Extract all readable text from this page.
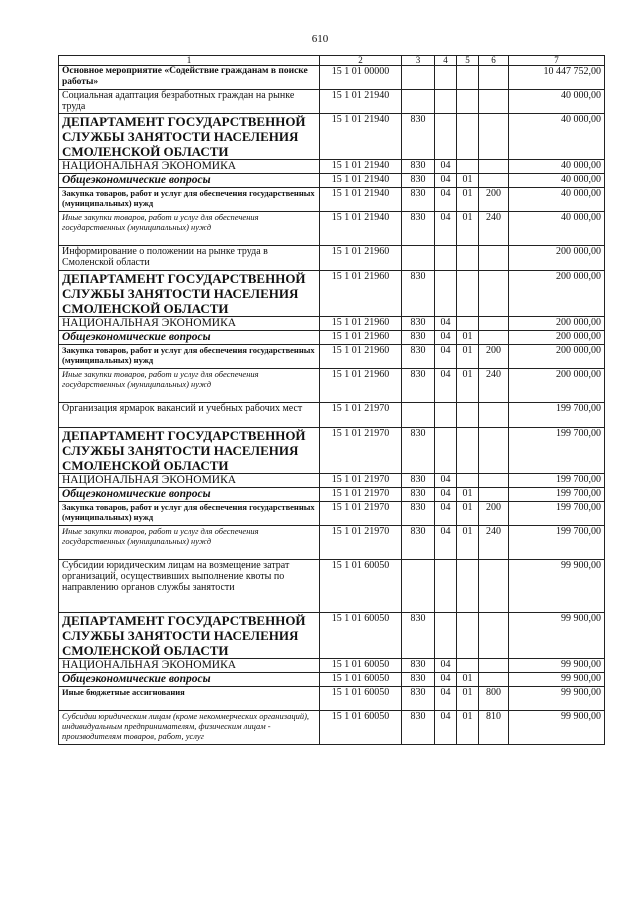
610
1	2	3	4	5	6	7
Основное мероприятие «Содействие гражданам в поиске работы»	15 1 01 00000					10 447 752,00
Социальная адаптация безработных граждан на рынке труда	15 1 01 21940					40 000,00
ДЕПАРТАМЕНТ ГОСУДАРСТВЕННОЙ СЛУЖБЫ ЗАНЯТОСТИ НАСЕЛЕНИЯ СМОЛЕНСКОЙ ОБЛАСТИ	15 1 01 21940	830				40 000,00
НАЦИОНАЛЬНАЯ ЭКОНОМИКА	15 1 01 21940	830	04			40 000,00
Общеэкономические вопросы	15 1 01 21940	830	04	01		40 000,00
Закупка товаров, работ и услуг для обеспечения государственных (муниципальных) нужд	15 1 01 21940	830	04	01	200	40 000,00
Иные закупки товаров, работ и услуг для обеспечения государственных (муниципальных) нужд	15 1 01 21940	830	04	01	240	40 000,00
Информирование о положении на рынке труда в Смоленской области	15 1 01 21960					200 000,00
ДЕПАРТАМЕНТ ГОСУДАРСТВЕННОЙ СЛУЖБЫ ЗАНЯТОСТИ НАСЕЛЕНИЯ СМОЛЕНСКОЙ ОБЛАСТИ	15 1 01 21960	830				200 000,00
НАЦИОНАЛЬНАЯ ЭКОНОМИКА	15 1 01 21960	830	04			200 000,00
Общеэкономические вопросы	15 1 01 21960	830	04	01		200 000,00
Закупка товаров, работ и услуг для обеспечения государственных (муниципальных) нужд	15 1 01 21960	830	04	01	200	200 000,00
Иные закупки товаров, работ и услуг для обеспечения государственных (муниципальных) нужд	15 1 01 21960	830	04	01	240	200 000,00
Организация ярмарок вакансий и учебных рабочих мест	15 1 01 21970					199 700,00
ДЕПАРТАМЕНТ ГОСУДАРСТВЕННОЙ СЛУЖБЫ ЗАНЯТОСТИ НАСЕЛЕНИЯ СМОЛЕНСКОЙ ОБЛАСТИ	15 1 01 21970	830				199 700,00
НАЦИОНАЛЬНАЯ ЭКОНОМИКА	15 1 01 21970	830	04			199 700,00
Общеэкономические вопросы	15 1 01 21970	830	04	01		199 700,00
Закупка товаров, работ и услуг для обеспечения государственных (муниципальных) нужд	15 1 01 21970	830	04	01	200	199 700,00
Иные закупки товаров, работ и услуг для обеспечения государственных (муниципальных) нужд	15 1 01 21970	830	04	01	240	199 700,00
Субсидии юридическим лицам на возмещение затрат организаций, осуществивших выполнение квоты по направлению органов службы занятости	15 1 01 60050					99 900,00
ДЕПАРТАМЕНТ ГОСУДАРСТВЕННОЙ СЛУЖБЫ ЗАНЯТОСТИ НАСЕЛЕНИЯ СМОЛЕНСКОЙ ОБЛАСТИ	15 1 01 60050	830				99 900,00
НАЦИОНАЛЬНАЯ ЭКОНОМИКА	15 1 01 60050	830	04			99 900,00
Общеэкономические вопросы	15 1 01 60050	830	04	01		99 900,00
Иные бюджетные ассигнования	15 1 01 60050	830	04	01	800	99 900,00
Субсидии юридическим лицам (кроме некоммерческих организаций), индивидуальным предпринимателям, физическим лицам - производителям товаров, работ, услуг	15 1 01 60050	830	04	01	810	99 900,00
